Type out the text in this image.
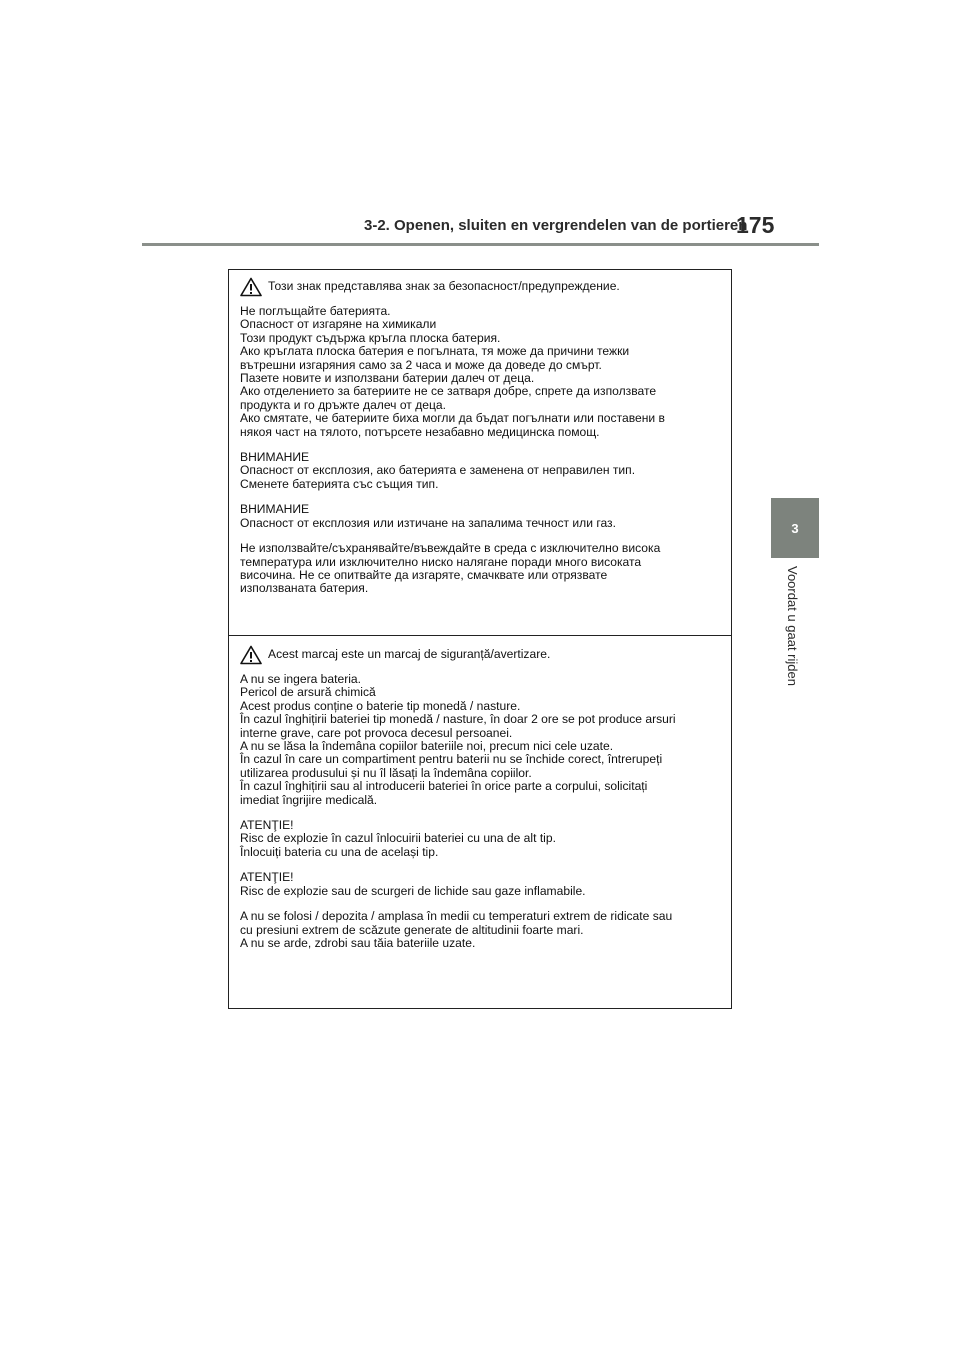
3-2. Openen, sluiten en vergrendelen van de portieren
175
3
Voordat u gaat rijden
Този знак представлява знак за безопасност/предупреждение.
Не поглъщайте батерията.
Опасност от изгаряне на химикали
Този продукт съдържа кръгла плоска батерия.
Ако кръглата плоска батерия е погълната, тя може да причини тежки
вътрешни изгаряния само за 2 часа и може да доведе до смърт.
Пазете новите и използвани батерии далеч от деца.
Ако отделението за батериите не се затваря добре, спрете да използвате
продукта и го дръжте далеч от деца.
Ако смятате, че батериите биха могли да бъдат погълнати или поставени в
някоя част на тялото, потърсете незабавно медицинска помощ.
ВНИМАНИЕ
Опасност от експлозия, ако батерията е заменена от неправилен тип.
Сменете батерията със същия тип.
ВНИМАНИЕ
Опасност от експлозия или изтичане на запалима течност или газ.
Не използвайте/съхранявайте/въвеждайте в среда с изключително висока
температура или изключително ниско налягане поради много високата
височина. Не се опитвайте да изгаряте, смачквате или отрязвате
използваната батерия.
Acest marcaj este un marcaj de siguranță/avertizare.
A nu se ingera bateria.
Pericol de arsură chimică
Acest produs conține o baterie tip monedă / nasture.
În cazul înghițirii bateriei tip monedă / nasture, în doar 2 ore se pot produce arsuri
interne grave, care pot provoca decesul persoanei.
A nu se lăsa la îndemâna copiilor bateriile noi, precum nici cele uzate.
În cazul în care un compartiment pentru baterii nu se închide corect, întrerupeți
utilizarea produsului și nu îl lăsați la îndemâna copiilor.
În cazul înghițirii sau al introducerii bateriei în orice parte a corpului, solicitați
imediat îngrijire medicală.
ATENŢIE!
Risc de explozie în cazul înlocuirii bateriei cu una de alt tip.
Înlocuiți bateria cu una de același tip.
ATENŢIE!
Risc de explozie sau de scurgeri de lichide sau gaze inflamabile.
A nu se folosi / depozita / amplasa în medii cu temperaturi extrem de ridicate sau
cu presiuni extrem de scăzute generate de altitudinii foarte mari.
A nu se arde, zdrobi sau tăia bateriile uzate.
